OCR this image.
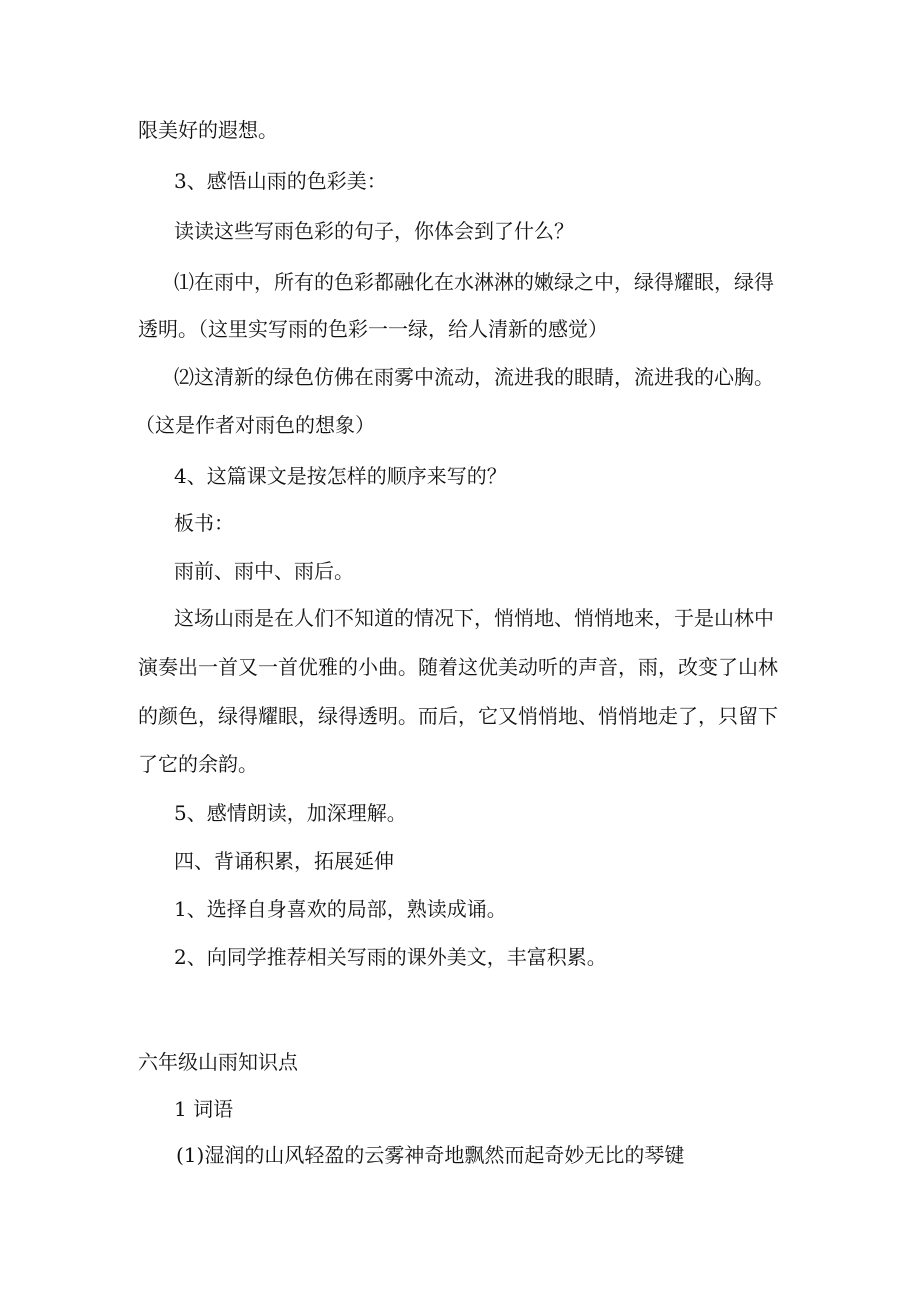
限美好的遐想。
3、感悟山雨的色彩美：
读读这些写雨色彩的句子，你体会到了什么？
⑴在雨中，所有的色彩都融化在水淋淋的嫩绿之中，绿得耀眼，绿得
透明。（这里实写雨的色彩一一绿，给人清新的感觉）
⑵这清新的绿色仿佛在雨雾中流动，流进我的眼睛，流进我的心胸。
（这是作者对雨色的想象）
4、这篇课文是按怎样的顺序来写的？
板书：
雨前、雨中、雨后。
这场山雨是在人们不知道的情况下，悄悄地、悄悄地来，于是山林中
演奏出一首又一首优雅的小曲。随着这优美动听的声音，雨，改变了山林
的颜色，绿得耀眼，绿得透明。而后，它又悄悄地、悄悄地走了，只留下
了它的余韵。
5、感情朗读，加深理解。
四、背诵积累，拓展延伸
1、选择自身喜欢的局部，熟读成诵。
2、向同学推荐相关写雨的课外美文，丰富积累。
六年级山雨知识点
1 词语
(1)湿润的山风轻盈的云雾神奇地飘然而起奇妙无比的琴键
